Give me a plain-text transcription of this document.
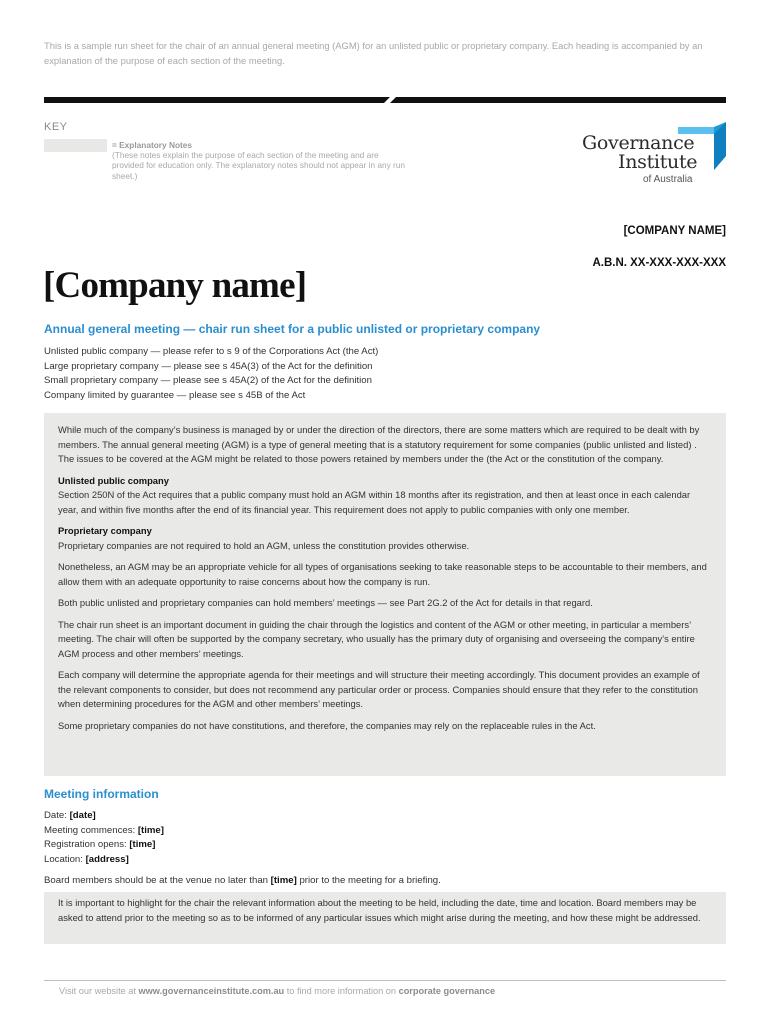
This is a sample run sheet for the chair of an annual general meeting (AGM) for an unlisted public or proprietary company. Each heading is accompanied by an explanation of the purpose of each section of the meeting.
KEY
= Explanatory Notes
(These notes explain the purpose of each section of the meeting and are provided for education only. The explanatory notes should not appear in any run sheet.)
Governance
Institute
of Australia
[COMPANY NAME]
A.B.N. XX-XXX-XXX-XXX
[Company name]
Annual general meeting — chair run sheet for a public unlisted or proprietary company
Unlisted public company — please refer to s 9 of the Corporations Act (the Act)
Large proprietary company — please see s 45A(3) of the Act for the definition
Small proprietary company — please see s 45A(2) of the Act for the definition
Company limited by guarantee — please see s 45B of the Act

While much of the company’s business is managed by or under the direction of the directors, there are some matters which are required to be dealt with by members. The annual general meeting (AGM) is a type of general meeting that is a statutory requirement for some companies (public unlisted and listed) . The issues to be covered at the AGM might be related to those powers retained by members under the (the Act or the constitution of the company.

Unlisted public company

Section 250N of the Act requires that a public company must hold an AGM within 18 months after its registration, and then at least once in each calendar year, and within five months after the end of its financial year. This requirement does not apply to public companies with only one member.

Proprietary company

Proprietary companies are not required to hold an AGM, unless the constitution provides otherwise.

Nonetheless, an AGM may be an appropriate vehicle for all types of organisations seeking to take reasonable steps to be accountable to their members, and allow them with an adequate opportunity to raise concerns about how the company is run.

Both public unlisted and proprietary companies can hold members’ meetings — see Part 2G.2 of the Act for details in that regard.

The chair run sheet is an important document in guiding the chair through the logistics and content of the AGM or other meeting, in particular a members’ meeting. The chair will often be supported by the company secretary, who usually has the primary duty of organising and overseeing the company’s entire AGM process and other members’ meetings.

Each company will determine the appropriate agenda for their meetings and will structure their meeting accordingly. This document provides an example of the relevant components to consider, but does not recommend any particular order or process. Companies should ensure that they refer to the constitution when determining procedures for the AGM and other members’ meetings.

Some proprietary companies do not have constitutions, and therefore, the companies may rely on the replaceable rules in the Act.

Meeting information
Date: [date]
Meeting commences: [time]
Registration opens: [time]
Location: [address]
Board members should be at the venue no later than [time] prior to the meeting for a briefing.
It is important to highlight for the chair the relevant information about the meeting to be held, including the date, time and location. Board members may be asked to attend prior to the meeting so as to be informed of any particular issues which might arise during the meeting, and how these might be addressed.
Visit our website at www.governanceinstitute.com.au to find more information on corporate governance
